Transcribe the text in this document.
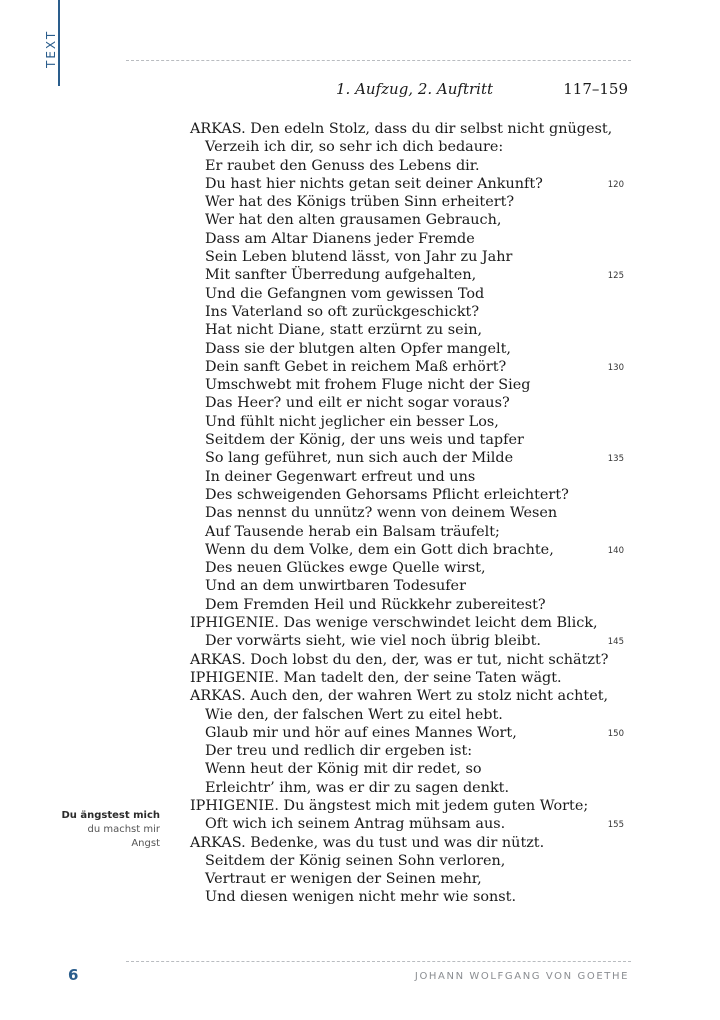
TEXT
1. Aufzug, 2. Auftritt	117–159
ARKAS. Den edeln Stolz, dass du dir selbst nicht gnügest,
Verzeih ich dir, so sehr ich dich bedaure:
Er raubet den Genuss des Lebens dir.
Du hast hier nichts getan seit deiner Ankunft?	120
Wer hat des Königs trüben Sinn erheitert?
Wer hat den alten grausamen Gebrauch,
Dass am Altar Dianens jeder Fremde
Sein Leben blutend lässt, von Jahr zu Jahr
Mit sanfter Überredung aufgehalten,	125
Und die Gefangnen vom gewissen Tod
Ins Vaterland so oft zurückgeschickt?
Hat nicht Diane, statt erzürnt zu sein,
Dass sie der blutgen alten Opfer mangelt,
Dein sanft Gebet in reichem Maß erhört?	130
Umschwebt mit frohem Fluge nicht der Sieg
Das Heer? und eilt er nicht sogar voraus?
Und fühlt nicht jeglicher ein besser Los,
Seitdem der König, der uns weis und tapfer
So lang geführet, nun sich auch der Milde	135
In deiner Gegenwart erfreut und uns
Des schweigenden Gehorsams Pflicht erleichtert?
Das nennst du unnütz? wenn von deinem Wesen
Auf Tausende herab ein Balsam träufelt;
Wenn du dem Volke, dem ein Gott dich brachte,	140
Des neuen Glückes ewge Quelle wirst,
Und an dem unwirtbaren Todesufer
Dem Fremden Heil und Rückkehr zubereitest?
IPHIGENIE. Das wenige verschwindet leicht dem Blick,
Der vorwärts sieht, wie viel noch übrig bleibt.	145
ARKAS. Doch lobst du den, der, was er tut, nicht schätzt?
IPHIGENIE. Man tadelt den, der seine Taten wägt.
ARKAS. Auch den, der wahren Wert zu stolz nicht achtet,
Wie den, der falschen Wert zu eitel hebt.
Glaub mir und hör auf eines Mannes Wort,	150
Der treu und redlich dir ergeben ist:
Wenn heut der König mit dir redet, so
Erleichtr’ ihm, was er dir zu sagen denkt.
IPHIGENIE. Du ängstest mich mit jedem guten Worte;
Oft wich ich seinem Antrag mühsam aus.	155
ARKAS. Bedenke, was du tust und was dir nützt.
Seitdem der König seinen Sohn verloren,
Vertraut er wenigen der Seinen mehr,
Und diesen wenigen nicht mehr wie sonst.
Du ängstest mich
du machst mir
Angst
6	JOHANN WOLFGANG VON GOETHE
